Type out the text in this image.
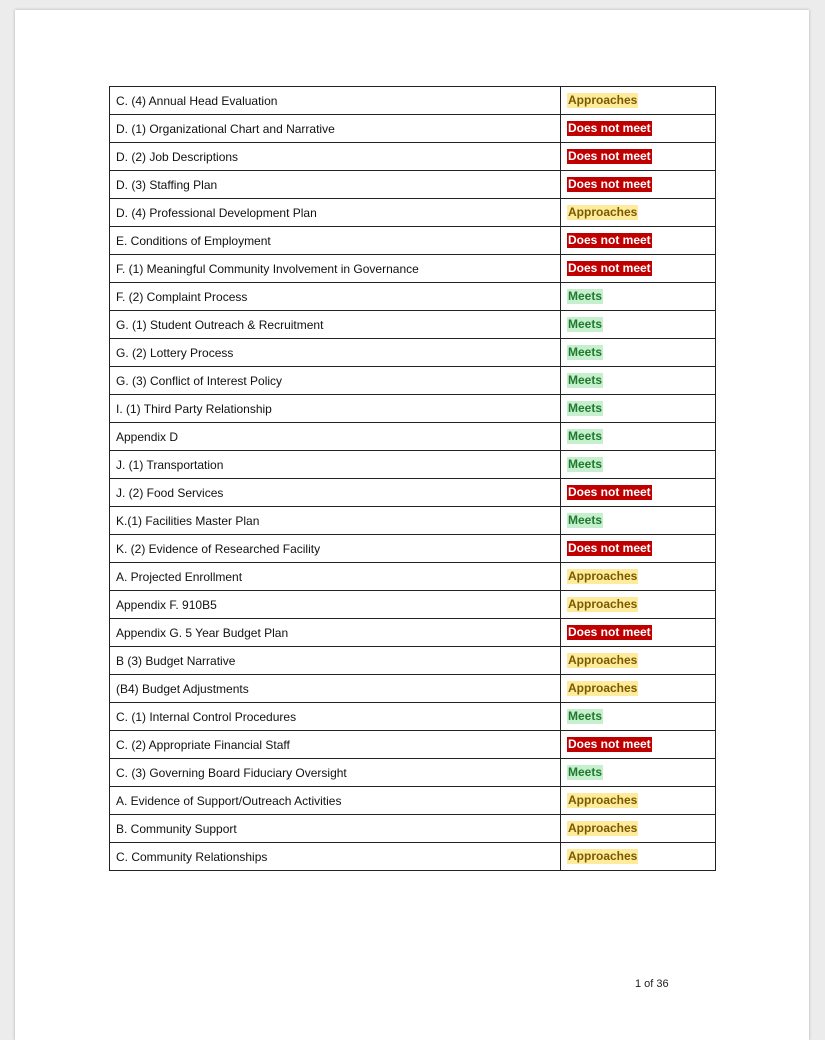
C. (4) Annual Head Evaluation	Approaches
D. (1) Organizational Chart and Narrative	Does not meet
D. (2) Job Descriptions	Does not meet
D. (3) Staffing Plan	Does not meet
D. (4) Professional Development Plan	Approaches
E. Conditions of Employment	Does not meet
F. (1) Meaningful Community Involvement in Governance	Does not meet
F. (2) Complaint Process	Meets
G. (1) Student Outreach & Recruitment	Meets
G. (2) Lottery Process	Meets
G. (3) Conflict of Interest Policy	Meets
I. (1) Third Party Relationship	Meets
Appendix D	Meets
J. (1) Transportation	Meets
J. (2) Food Services	Does not meet
K.(1) Facilities Master Plan	Meets
K. (2) Evidence of Researched Facility	Does not meet
A. Projected Enrollment	Approaches
Appendix F. 910B5	Approaches
Appendix G. 5 Year Budget Plan	Does not meet
B (3) Budget Narrative	Approaches
(B4) Budget Adjustments	Approaches
C. (1) Internal Control Procedures	Meets
C. (2) Appropriate Financial Staff	Does not meet
C. (3) Governing Board Fiduciary Oversight	Meets
A. Evidence of Support/Outreach Activities	Approaches
B. Community Support	Approaches
C. Community Relationships	Approaches
1 of 36
